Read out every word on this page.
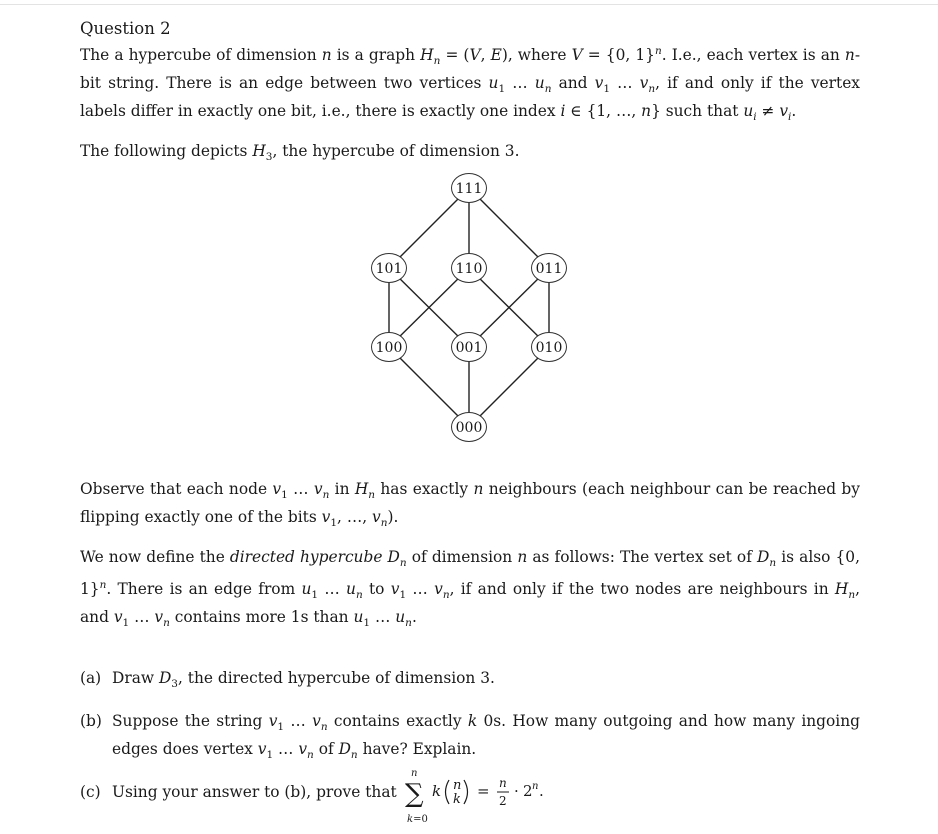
Question 2

The a hypercube of dimension n is a graph $H_n = (V$, E), where V = {0, 1}$^n$. I.e., each vertex is an n-bit string. There is an edge between two vertices $u_1$ … $u_n$ and $v_1$ … $v_n$, if and only if the vertex labels differ in exactly one bit, i.e., there is exactly one index i ∈ {1, …, n} such that $u_i \ne v_i$.

The following depicts $H_3$, the hypercube of dimension 3.

111
101	110	011
100	001	010
000

Observe that each node $v_1$ … $v_n$ in $H_n$ has exactly n neighbours (each neighbour can be reached by flipping exactly one of the bits $v_1$, …, $v_n$).

We now define the directed hypercube $D_n$ of dimension n as follows: The vertex set of $D_n$ is also {0, 1}$^n$. There is an edge from $u_1$ … $u_n$ to $v_1$ … $v_n$, if and only if the two nodes are neighbours in $H_n$, and $v_1$ … $v_n$ contains more 1s than $u_1$ … $u_n$.

(a) Draw $D_3$, the directed hypercube of dimension 3.
(b) Suppose the string $v_1$ … $v_n$ contains exactly k 0s. How many outgoing and how many ingoing edges does vertex $v_1$ … $v_n$ of $D_n$ have? Explain.
(c) Using your answer to (b), prove that
n
∑
k=0
k n
k = n
2
· 2 n .
